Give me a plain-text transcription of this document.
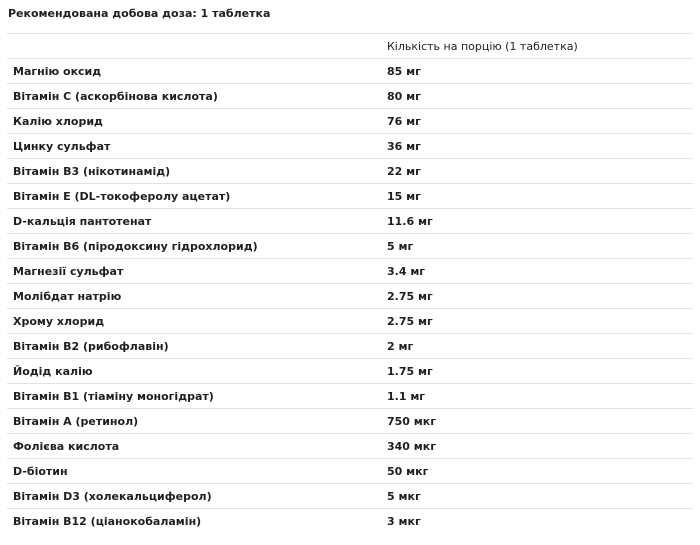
Рекомендована добова доза: 1 таблетка
Кількість на порцію (1 таблетка)
Магнію оксид	85 мг
Вітамін С (аскорбінова кислота)	80 мг
Калію хлорид	76 мг
Цинку сульфат	36 мг
Вітамін В3 (нікотинамід)	22 мг
Вітамін Е (DL-токоферолу ацетат)	15 мг
D-кальція пантотенат	11.6 мг
Вітамін В6 (піродоксину гідрохлорид)	5 мг
Магнезії сульфат	3.4 мг
Молібдат натрію	2.75 мг
Хрому хлорид	2.75 мг
Вітамін В2 (рибофлавін)	2 мг
Йодід калію	1.75 мг
Вітамін В1 (тіаміну моногідрат)	1.1 мг
Вітамін А (ретинол)	750 мкг
Фолієва кислота	340 мкг
D-біотин	50 мкг
Вітамін D3 (холекальциферол)	5 мкг
Вітамін В12 (ціанокобаламін)	3 мкг
